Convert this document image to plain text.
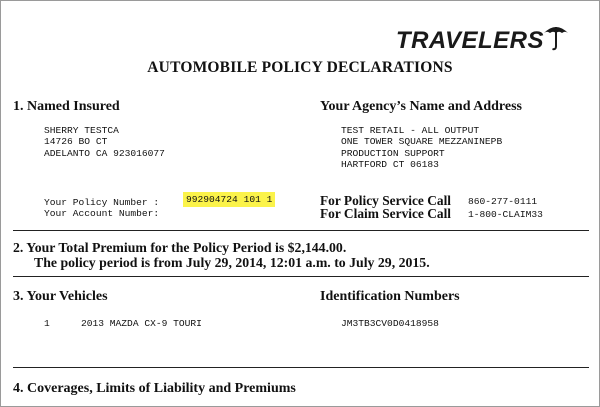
TRAVELERS
AUTOMOBILE POLICY DECLARATIONS
1. Named Insured
SHERRY TESTCA
14726 BO CT
ADELANTO CA 923016077
Your Agency’s Name and Address
TEST RETAIL - ALL OUTPUT
ONE TOWER SQUARE MEZZANINEPB
PRODUCTION SUPPORT
HARTFORD CT 06183
Your Policy Number :	992904724 101 1
Your Account Number:
For Policy Service Call 860-277-0111
For Claim Service Call 1-800-CLAIM33
2. Your Total Premium for the Policy Period is $2,144.00.
The policy period is from July 29, 2014, 12:01 a.m. to July 29, 2015.
3. Your Vehicles	Identification Numbers
1	2013 MAZDA CX-9 TOURI	JM3TB3CV0D0418958
4. Coverages, Limits of Liability and Premiums
